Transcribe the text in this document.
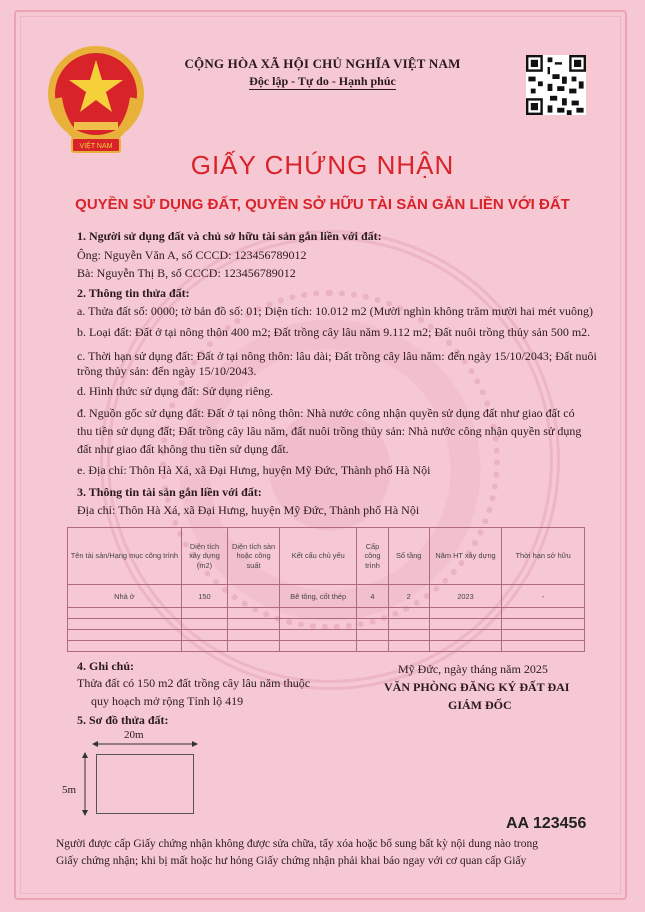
VIỆT NAM
CỘNG HÒA XÃ HỘI CHỦ NGHĨA VIỆT NAM
Độc lập - Tự do - Hạnh phúc
GIẤY CHỨNG NHẬN
QUYỀN SỬ DỤNG ĐẤT, QUYỀN SỞ HỮU TÀI SẢN GẮN LIỀN VỚI ĐẤT
1. Người sử dụng đất và chủ sở hữu tài sản gắn liền với đất:
Ông: Nguyễn Văn A, số CCCD: 123456789012
Bà: Nguyễn Thị B, số CCCD: 123456789012
2. Thông tin thửa đất:
a. Thửa đất số: 0000; tờ bản đồ số: 01; Diện tích: 10.012 m2 (Mười nghìn không trăm mười hai mét vuông)
b. Loại đất: Đất ở tại nông thôn 400 m2; Đất trồng cây lâu năm 9.112 m2; Đất nuôi trồng thủy sản 500 m2.
c. Thời hạn sử dụng đất: Đất ở tại nông thôn: lâu dài; Đất trồng cây lâu năm: đến ngày 15/10/2043; Đất nuôi
trồng thủy sản: đến ngày 15/10/2043.
d. Hình thức sử dụng đất: Sử dụng riêng.
đ. Nguồn gốc sử dụng đất: Đất ở tại nông thôn: Nhà nước công nhận quyền sử dụng đất như giao đất có
thu tiền sử dụng đất; Đất trồng cây lâu năm, đất nuôi trồng thủy sản: Nhà nước công nhận quyền sử dụng
đất như giao đất không thu tiền sử dụng đất.
e. Địa chỉ: Thôn Hà Xá, xã Đại Hưng, huyện Mỹ Đức, Thành phố Hà Nội
3. Thông tin tài sản gắn liền với đất:
Địa chỉ: Thôn Hà Xá, xã Đại Hưng, huyện Mỹ Đức, Thành phố Hà Nội
Tên tài sản/Hạng mục công trình	Diện tích xây dựng (m2)	Diện tích sàn hoặc công suất	Kết cấu chủ yếu	Cấp công trình	Số tầng	Năm HT xây dựng	Thời hạn sở hữu
Nhà ở	150		Bê tông, cốt thép	4	2	2023	-

4. Ghi chú:
Thửa đất có 150 m2 đất trồng cây lâu năm thuộc
quy hoạch mở rộng Tỉnh lộ 419
Mỹ Đức, ngày tháng năm 2025
VĂN PHÒNG ĐĂNG KÝ ĐẤT ĐAI
GIÁM ĐỐC
5. Sơ đồ thửa đất:
20m
5m
AA 123456
Người được cấp Giấy chứng nhận không được sửa chữa, tẩy xóa hoặc bổ sung bất kỳ nội dung nào trong
Giấy chứng nhận; khi bị mất hoặc hư hỏng Giấy chứng nhận phải khai báo ngay với cơ quan cấp Giấy
